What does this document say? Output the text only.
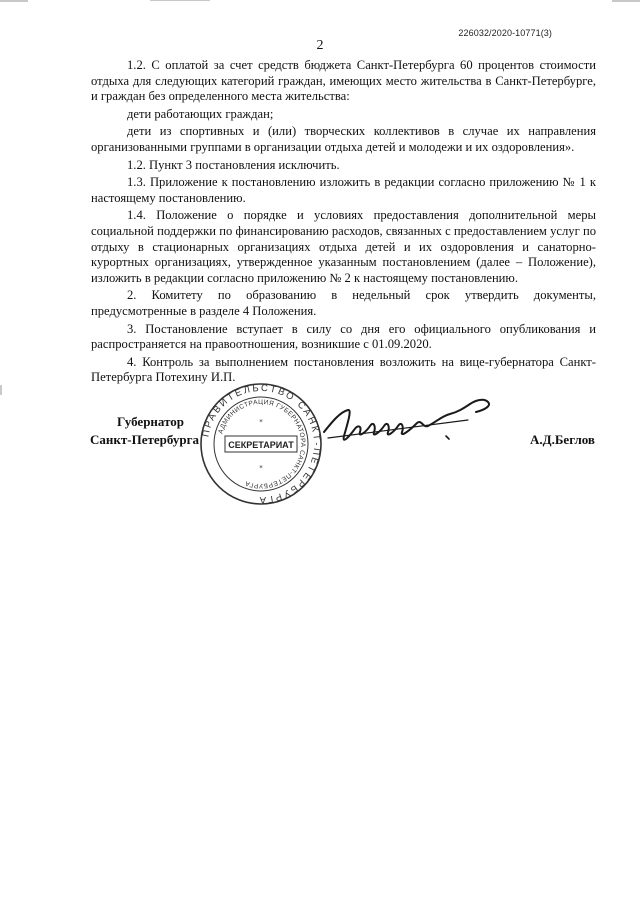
226032/2020-10771(3)
2

1.2. С оплатой за счет средств бюджета Санкт-Петербурга 60 процентов стоимости отдыха для следующих категорий граждан, имеющих место жительства в Санкт-Петербурге, и граждан без определенного места жительства:

дети работающих граждан;

дети из спортивных и (или) творческих коллективов в случае их направления организованными группами в организации отдыха детей и молодежи и их оздоровления».

1.2. Пункт 3 постановления исключить.

1.3. Приложение к постановлению изложить в редакции согласно приложению № 1 к настоящему постановлению.

1.4. Положение о порядке и условиях предоставления дополнительной меры социальной поддержки по финансированию расходов, связанных с предоставлением услуг по отдыху в стационарных организациях отдыха детей и их оздоровления и санаторно-курортных организациях, утвержденное указанным постановлением (далее – Положение), изложить в редакции согласно приложению № 2 к настоящему постановлению.

2. Комитету по образованию в недельный срок утвердить документы, предусмотренные в разделе 4 Положения.

3. Постановление вступает в силу со дня его официального опубликования и распространяется на правоотношения, возникшие с 01.09.2020.

4. Контроль за выполнением постановления возложить на вице-губернатора Санкт-Петербурга Потехину И.П.

Губернатор
Санкт-Петербурга	А.Д.Беглов
ПРАВИТЕЛЬСТВО САНКТ-ПЕТЕРБУРГА
АДМИНИСТРАЦИЯ ГУБЕРНАТОРА САНКТ-ПЕТЕРБУРГА
СЕКРЕТАРИАТ
*
*
